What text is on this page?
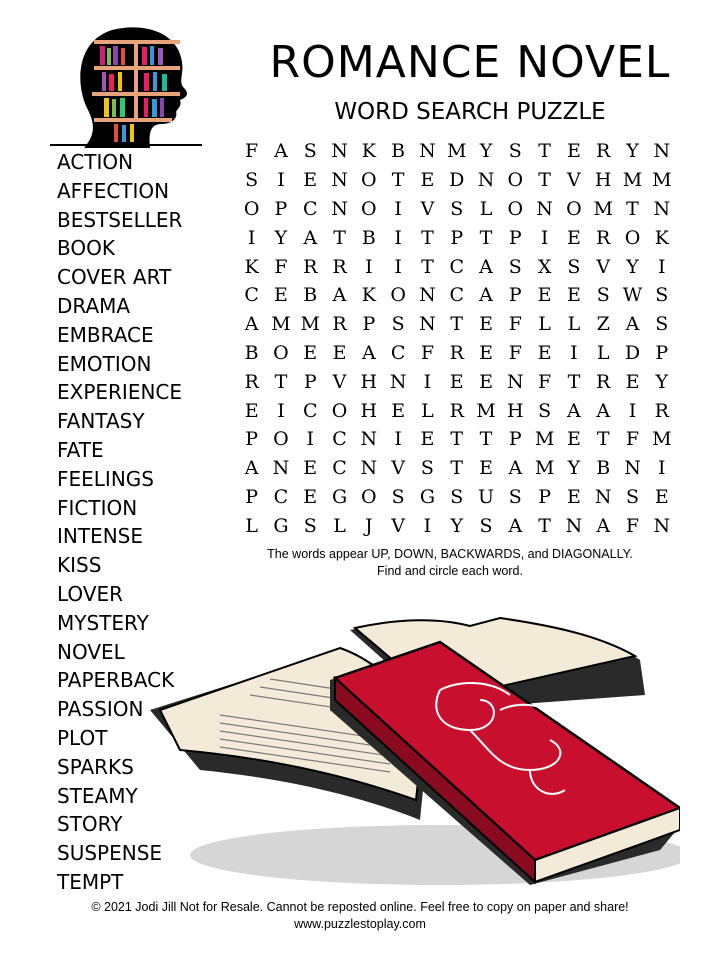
ROMANCE NOVEL
WORD SEARCH PUZZLE
ACTION
AFFECTION
BESTSELLER
BOOK
COVER ART
DRAMA
EMBRACE
EMOTION
EXPERIENCE
FANTASY
FATE
FEELINGS
FICTION
INTENSE
KISS
LOVER
MYSTERY
NOVEL
PAPERBACK
PASSION
PLOT
SPARKS
STEAMY
STORY
SUSPENSE
TEMPT
F	A	S	N	K	B	N	M	Y	S	T	E	R	Y	N
S	I	E	N	O	T	E	D	N	O	T	V	H	M	M
O	P	C	N	O	I	V	S	L	O	N	O	M	T	N
I	Y	A	T	B	I	T	P	T	P	I	E	R	O	K
K	F	R	R	I	I	T	C	A	S	X	S	V	Y	I
C	E	B	A	K	O	N	C	A	P	E	E	S	W	S
A	M	M	R	P	S	N	T	E	F	L	L	Z	A	S
B	O	E	E	A	C	F	R	E	F	E	I	L	D	P
R	T	P	V	H	N	I	E	E	N	F	T	R	E	Y
E	I	C	O	H	E	L	R	M	H	S	A	A	I	R
P	O	I	C	N	I	E	T	T	P	M	E	T	F	M
A	N	E	C	N	V	S	T	E	A	M	Y	B	N	I
P	C	E	G	O	S	G	S	U	S	P	E	N	S	E
L	G	S	L	J	V	I	Y	S	A	T	N	A	F	N
The words appear UP, DOWN, BACKWARDS, and DIAGONALLY.
Find and circle each word.
© 2021 Jodi Jill Not for Resale. Cannot be reposted online. Feel free to copy on paper and share!
www.puzzlestoplay.com
